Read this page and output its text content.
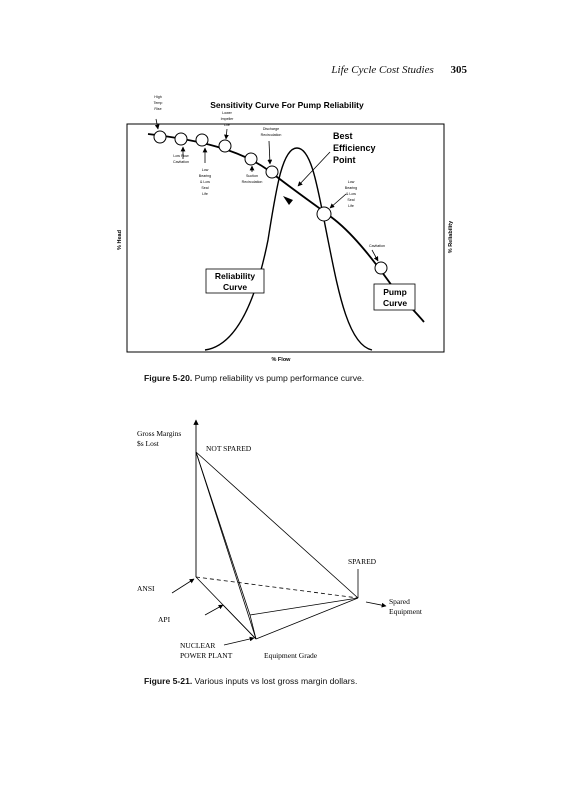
Life Cycle Cost Studies 305
Sensitivity Curve For Pump Reliability
% Flow
% Head	% Reliability
High
Temp
Rise
Lower
Impeller
Life
Discharge
Recirculation
Low Flow
Cavitation
Low
Bearing
& Low
Seal
Life
Suction
Recirculation	Low
Bearing
& Low
Seal
Life
Cavitation
Best
Efficiency
Point
Reliability
Curve	Pump
Curve
Gross Margins
$s Lost
NOT SPARED
SPARED
Spared
Equipment
ANSI
API
NUCLEAR
POWER PLANT	Equipment Grade
Figure 5-20. Pump reliability vs pump performance curve.
Figure 5-21. Various inputs vs lost gross margin dollars.
